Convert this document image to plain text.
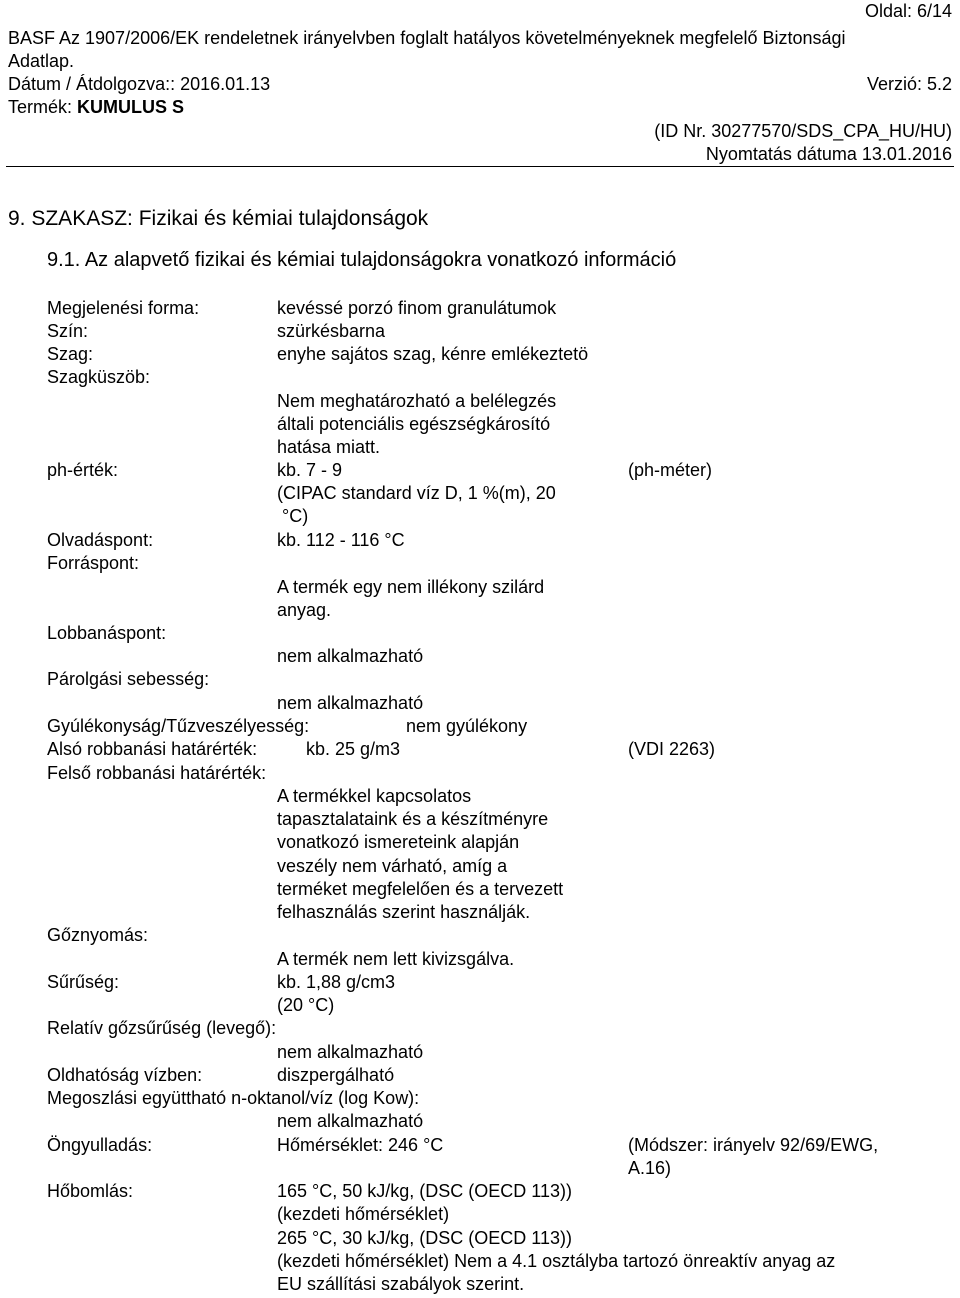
Oldal: 6/14
BASF Az 1907/2006/EK rendeletnek irányelvben foglalt hatályos követelményeknek megfelelő Biztonsági
Adatlap.
Dátum / Átdolgozva:: 2016.01.13	Verzió: 5.2
Termék: KUMULUS S
(ID Nr. 30277570/SDS_CPA_HU/HU)
Nyomtatás dátuma 13.01.2016
9. SZAKASZ: Fizikai és kémiai tulajdonságok
9.1. Az alapvető fizikai és kémiai tulajdonságokra vonatkozó információ
Megjelenési forma:	kevéssé porzó finom granulátumok
Szín:	szürkésbarna
Szag:	enyhe sajátos szag, kénre emlékeztetö
Szagküszöb:
Nem meghatározható a belélegzés
általi potenciális egészségkárosító
hatása miatt.
ph-érték:	kb. 7 - 9	(ph-méter)
(CIPAC standard víz D, 1 %(m), 20
°C)
Olvadáspont:	kb. 112 - 116 °C
Forráspont:
A termék egy nem illékony szilárd
anyag.
Lobbanáspont:
nem alkalmazható
Párolgási sebesség:
nem alkalmazható
Gyúlékonyság/Tűzveszélyesség:	nem gyúlékony
Alsó robbanási határérték:	kb. 25 g/m3	(VDI 2263)
Felső robbanási határérték:
A termékkel kapcsolatos
tapasztalataink és a készítményre
vonatkozó ismereteink alapján
veszély nem várható, amíg a
terméket megfelelően és a tervezett
felhasználás szerint használják.
Gőznyomás:
A termék nem lett kivizsgálva.
Sűrűség:	kb. 1,88 g/cm3
(20 °C)
Relatív gőzsűrűség (levegő):
nem alkalmazható
Oldhatóság vízben:	diszpergálható
Megoszlási együttható n-oktanol/víz (log Kow):
nem alkalmazható
Öngyulladás:	Hőmérséklet: 246 °C	(Módszer: irányelv 92/69/EWG,
A.16)
Hőbomlás:	165 °C, 50 kJ/kg, (DSC (OECD 113))
(kezdeti hőmérséklet)
265 °C, 30 kJ/kg, (DSC (OECD 113))
(kezdeti hőmérséklet) Nem a 4.1 osztályba tartozó önreaktív anyag az
EU szállítási szabályok szerint.
